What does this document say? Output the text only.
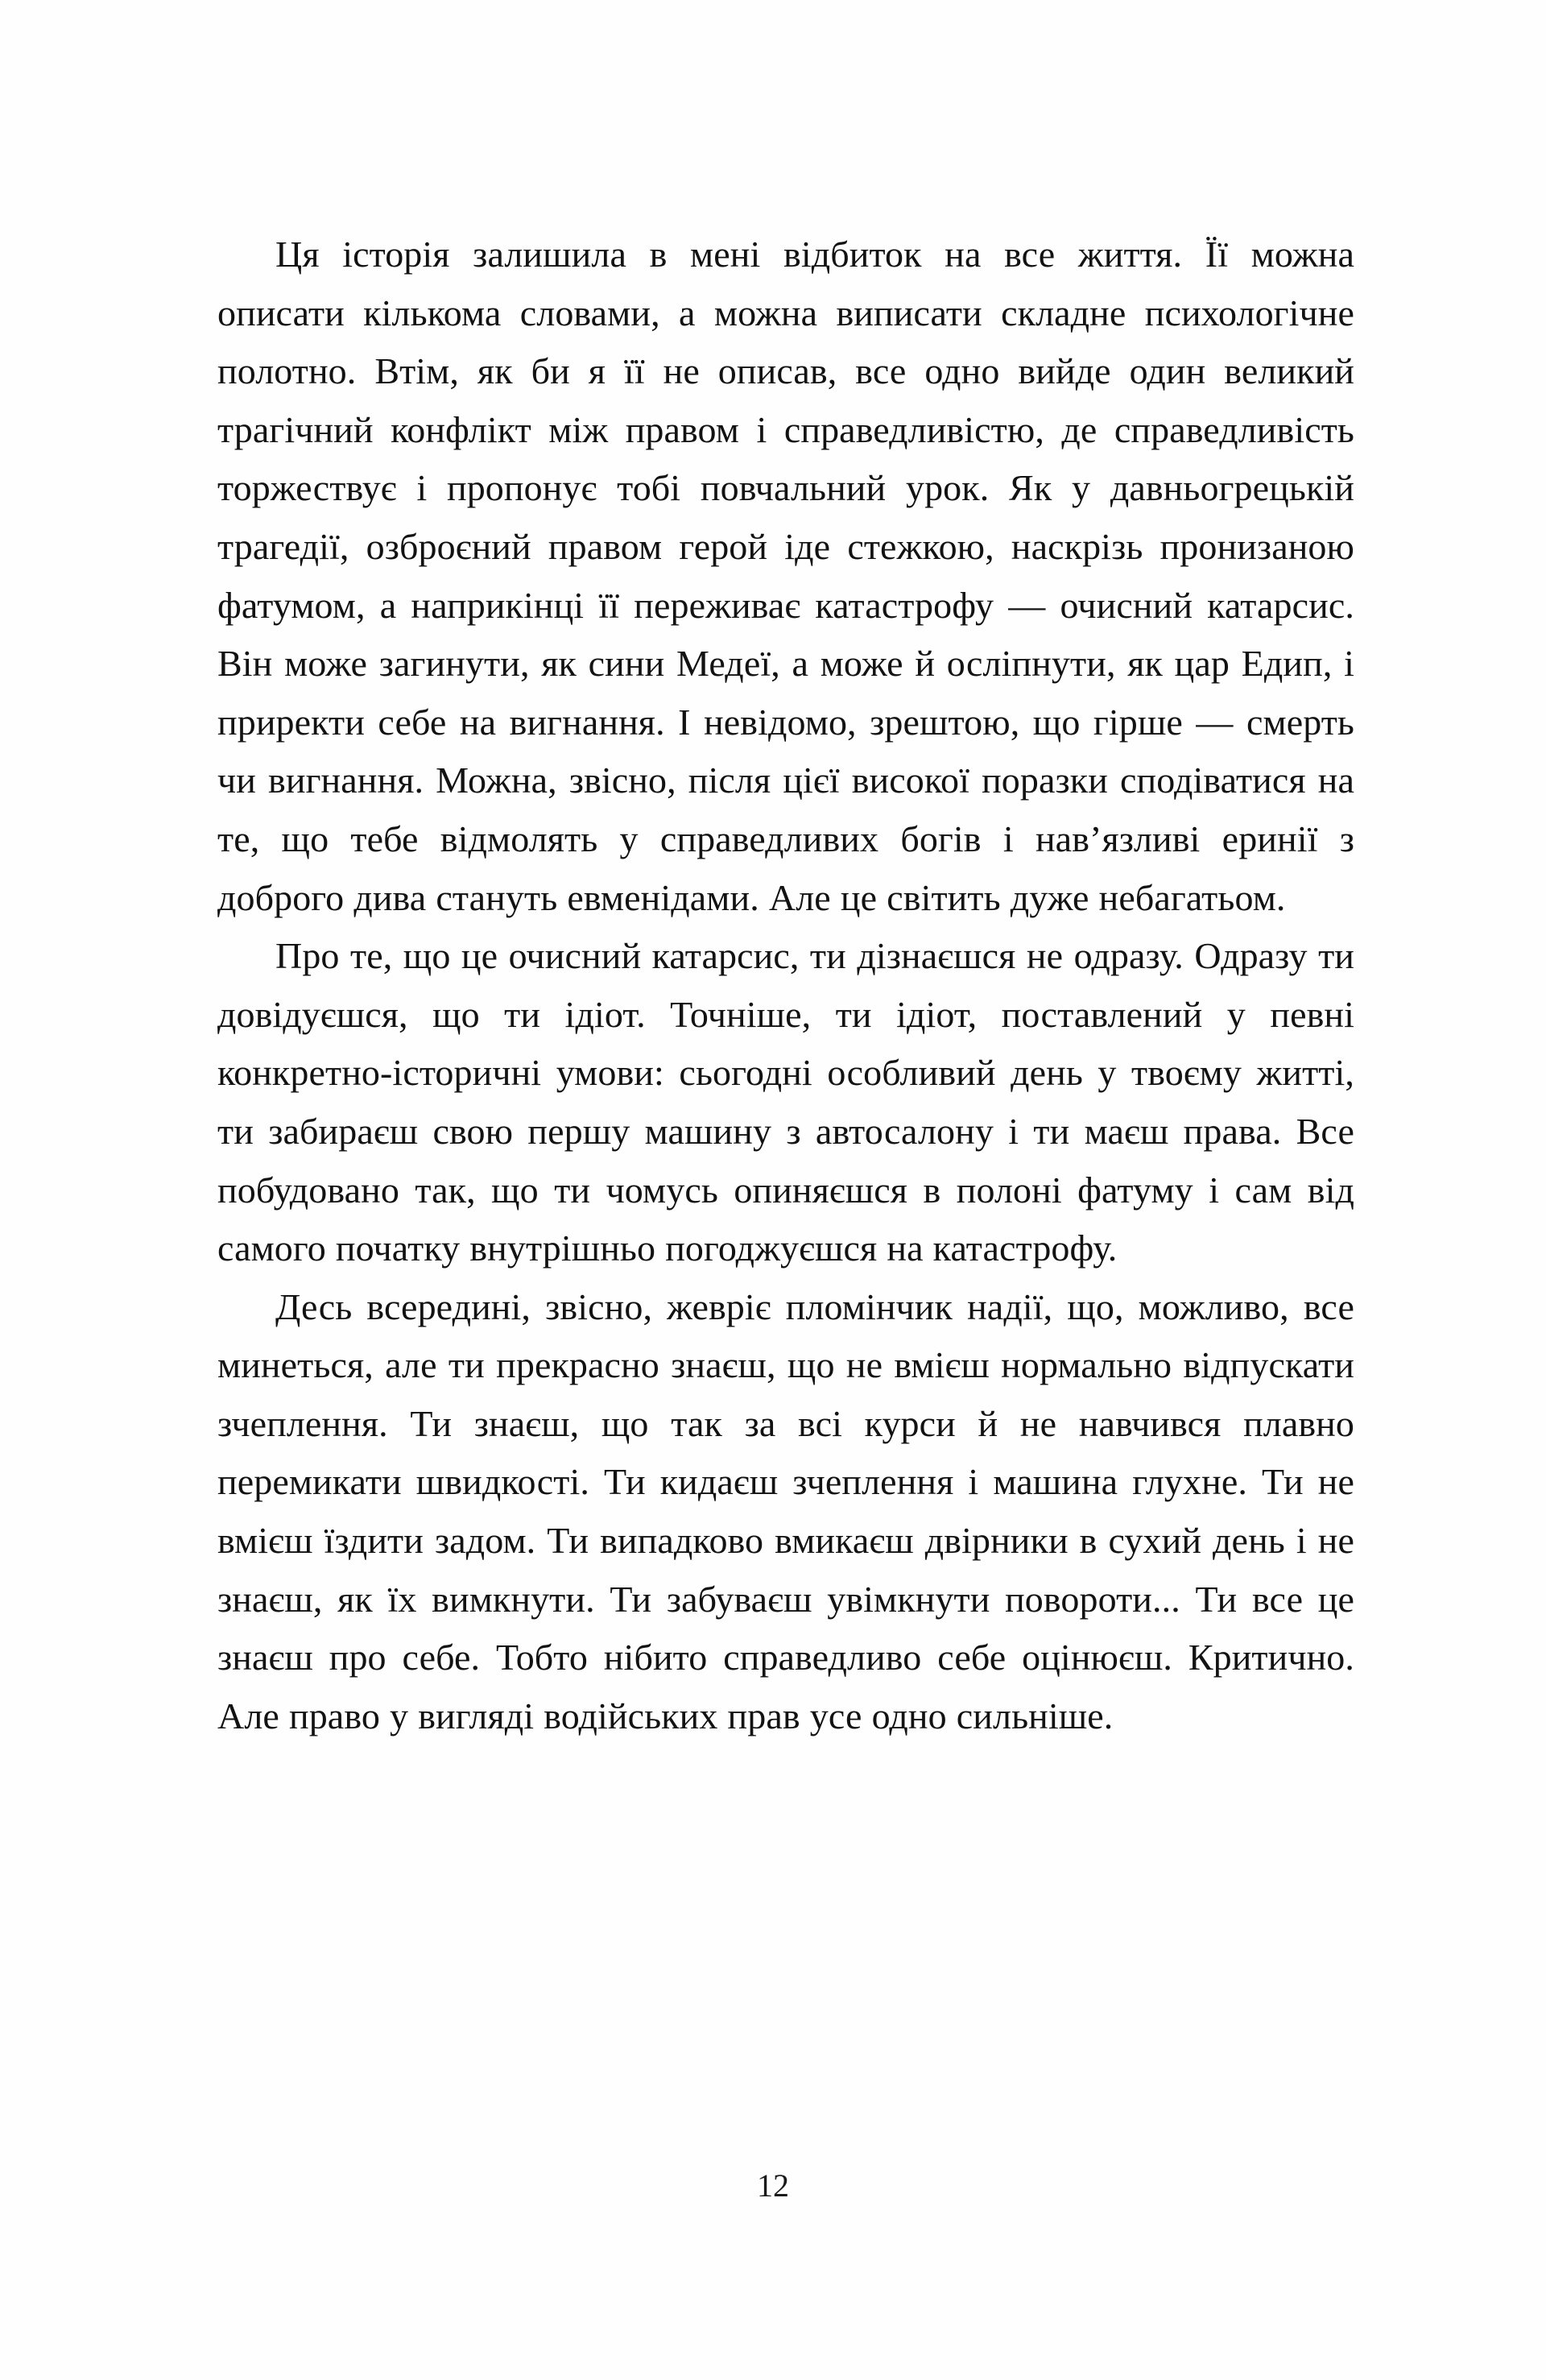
Ця історія залишила в мені відбиток на все життя. Її можна описати кількома словами, а можна виписати складне психологічне полотно. Втім, як би я її не описав, все одно вийде один великий трагічний конфлікт між правом і справедливістю, де справедливість торжествує і пропонує тобі повчальний урок. Як у давньогрецькій трагедії, озброєний правом герой іде стежкою, наскрізь пронизаною фатумом, а наприкінці її переживає катастрофу — очисний катарсис. Він може загинути, як сини Медеї, а може й осліпнути, як цар Едип, і приректи себе на вигнання. І невідомо, зрештою, що гірше — смерть чи вигнання. Можна, звісно, після цієї високої поразки сподіватися на те, що тебе відмолять у справедливих богів і нав’язливі еринії з доброго дива стануть евменідами. Але це світить дуже небагатьом.

Про те, що це очисний катарсис, ти дізнаєшся не одразу. Одразу ти довідуєшся, що ти ідіот. Точніше, ти ідіот, поставлений у певні конкретно-історичні умови: сьогодні особливий день у твоєму житті, ти забираєш свою першу машину з автосалону і ти маєш права. Все побудовано так, що ти чомусь опиняєшся в полоні фатуму і сам від самого початку внутрішньо погоджуєшся на катастрофу.

Десь всередині, звісно, жевріє пломінчик надії, що, можливо, все минеться, але ти прекрасно знаєш, що не вмієш нормально відпускати зчеплення. Ти знаєш, що так за всі курси й не навчився плавно перемикати швидкості. Ти кидаєш зчеплення і машина глухне. Ти не вмієш їздити задом. Ти випадково вмикаєш двірники в сухий день і не знаєш, як їх вимкнути. Ти забуваєш увімкнути повороти... Ти все це знаєш про себе. Тобто нібито справедливо себе оцінюєш. Критично. Але право у вигляді водійських прав усе одно сильніше.

12
